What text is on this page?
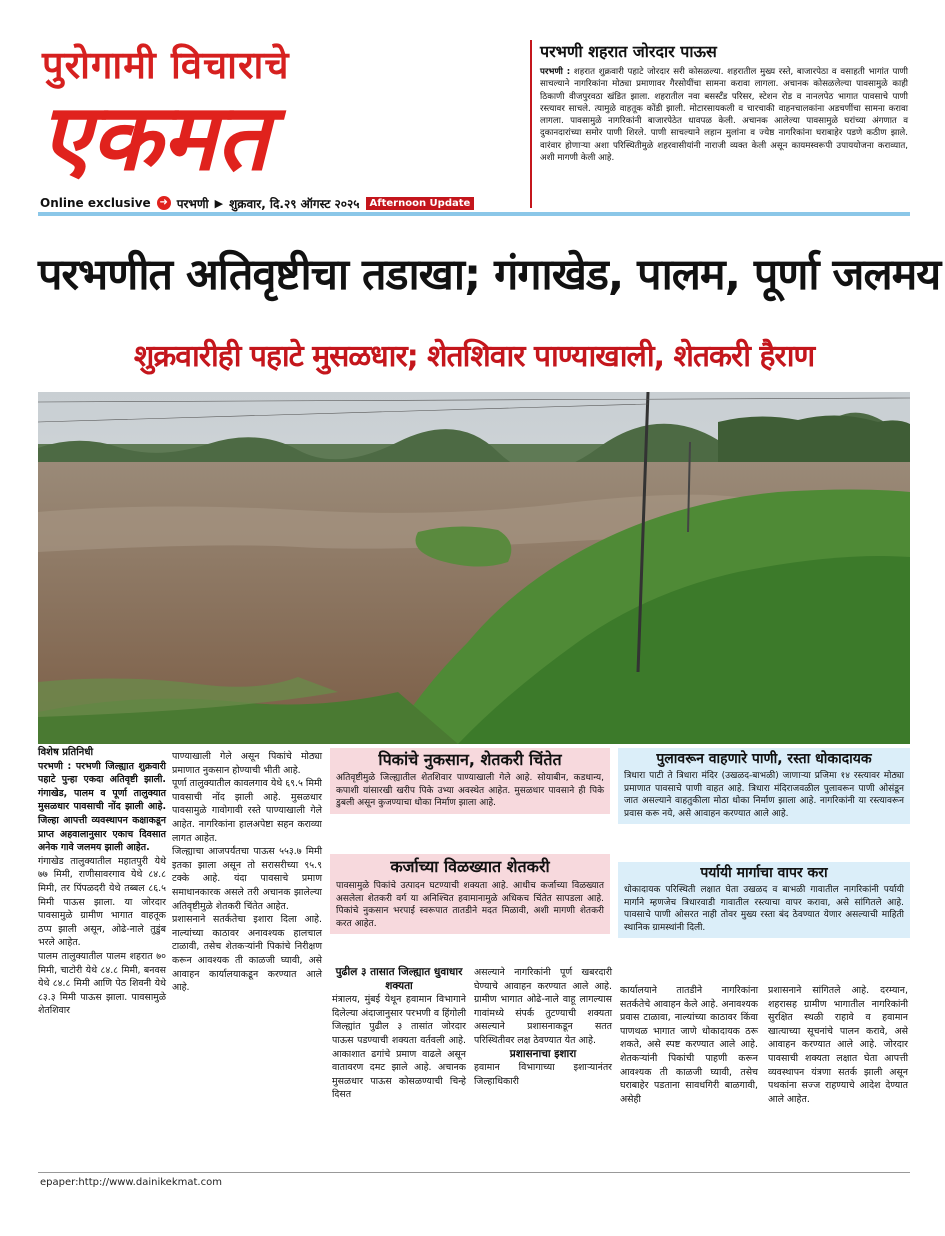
पुरोगामी विचाराचे
एकमत
Online exclusive ➜ परभणी ▶ शुक्रवार, दि.२९ ऑगस्ट २०२५	Afternoon Update
परभणी शहरात जोरदार पाऊस

परभणी : शहरात शुक्रवारी पहाटे जोरदार सरी कोसळल्या. शहरातील मुख्य रस्ते, बाजारपेठा व वसाहती भागांत पाणी साचल्याने नागरिकांना मोठ्या प्रमाणावर गैरसोयींचा सामना करावा लागला. अचानक कोसळलेल्या पावसामुळे काही ठिकाणी वीजपुरवठा खंडित झाला. शहरातील नवा बसस्टँड परिसर, स्टेशन रोड व नानलपेठ भागात पावसाचे पाणी रस्त्यावर साचले. त्यामुळे वाहतूक कोंडी झाली. मोटारसायकली व चारचाकी वाहनचालकांना अडचणींचा सामना करावा लागला. पावसामुळे नागरिकांनी बाजारपेठेत धावपळ केली. अचानक आलेल्या पावसामुळे घरांच्या अंगणात व दुकानदारांच्या समोर पाणी शिरले. पाणी साचल्याने लहान मुलांना व ज्येष्ठ नागरिकांना घराबाहेर पडणे कठीण झाले. वारंवार होणाऱ्या अशा परिस्थितीमुळे शहरवासीयांनी नाराजी व्यक्त केली असून कायमस्वरूपी उपाययोजना कराव्यात, अशी मागणी केली आहे.

परभणीत अतिवृष्टीचा तडाखा; गंगाखेड, पालम, पूर्णा जलमय
शुक्रवारीही पहाटे मुसळधार; शेतशिवार पाण्याखाली, शेतकरी हैराण

विशेष प्रतिनिधी

परभणी : परभणी जिल्ह्यात शुक्रवारी पहाटे पुन्हा एकदा अतिवृष्टी झाली. गंगाखेड, पालम व पूर्णा तालुक्यात मुसळधार पावसाची नोंद झाली आहे. जिल्हा आपत्ती व्यवस्थापन कक्षाकडून प्राप्त अहवालानुसार एकाच दिवसात अनेक गावे जलमय झाली आहेत.

गंगाखेड तालुक्यातील महातपुरी येथे ७७ मिमी, राणीसावरगाव येथे ८४.८ मिमी, तर पिंपळदरी येथे तब्बल ८६.५ मिमी पाऊस झाला. या जोरदार पावसामुळे ग्रामीण भागात वाहतूक ठप्प झाली असून, ओढे-नाले तुडुंब भरले आहेत.

पालम तालुक्यातील पालम शहरात ७० मिमी, चाटोरी येथे ८४.८ मिमी, बनवस येथे ८४.८ मिमी आणि पेठ शिवनी येथे ८३.३ मिमी पाऊस झाला. पावसामुळे शेतशिवार

पाण्याखाली गेले असून पिकांचे मोठ्या प्रमाणात नुकसान होण्याची भीती आहे.

पूर्णा तालुक्यातील कावलगाव येथे ६९.५ मिमी पावसाची नोंद झाली आहे. मुसळधार पावसामुळे गावोगावी रस्ते पाण्याखाली गेले आहेत. नागरिकांना हालअपेष्टा सहन कराव्या लागत आहेत.

जिल्ह्याचा आजपर्यंतचा पाऊस ५५३.७ मिमी इतका झाला असून तो सरासरीच्या ९५.९ टक्के आहे. यंदा पावसाचे प्रमाण समाधानकारक असले तरी अचानक झालेल्या अतिवृष्टीमुळे शेतकरी चिंतेत आहेत.

प्रशासनाने सतर्कतेचा इशारा दिला आहे. नाल्यांच्या काठावर अनावश्यक हालचाल टाळावी, तसेच शेतकऱ्यांनी पिकांचे निरीक्षण करून आवश्यक ती काळजी घ्यावी, असे आवाहन कार्यालयाकडून करण्यात आले आहे.

पिकांचे नुकसान, शेतकरी चिंतेत

अतिवृष्टीमुळे जिल्ह्यातील शेतशिवार पाण्याखाली गेले आहे. सोयाबीन, कडधान्य, कपाशी यांसारखी खरीप पिके उभ्या अवस्थेत आहेत. मुसळधार पावसाने ही पिके डुबली असून कुजण्याचा धोका निर्माण झाला आहे.

कर्जाच्या विळख्यात शेतकरी

पावसामुळे पिकांचे उत्पादन घटण्याची शक्यता आहे. आधीच कर्जाच्या विळख्यात असलेला शेतकरी वर्ग या अनिश्चित हवामानामुळे अधिकच चिंतेत सापडला आहे. पिकांचे नुकसान भरपाई स्वरूपात तातडीने मदत मिळावी, अशी मागणी शेतकरी करत आहेत.

पुलावरून वाहणारे पाणी, रस्ता धोकादायक

त्रिधारा पाटी ते त्रिधारा मंदिर (उखळद-बाभळी) जाणाऱ्या प्रजिमा १४ रस्त्यावर मोठ्या प्रमाणात पावसाचे पाणी वाहत आहे. त्रिधारा मंदिराजवळील पुलावरून पाणी ओसंडून जात असल्याने वाहतुकीला मोठा धोका निर्माण झाला आहे. नागरिकांनी या रस्त्यावरून प्रवास करू नये, असे आवाहन करण्यात आले आहे.

पर्यायी मार्गाचा वापर करा

धोकादायक परिस्थिती लक्षात घेता उखळद व बाभळी गावातील नागरिकांनी पर्यायी मार्गाने म्हणजेच त्रिधारवाडी गावातील रस्त्याचा वापर करावा, असे सांगितले आहे. पावसाचे पाणी ओसरत नाही तोवर मुख्य रस्ता बंद ठेवण्यात येणार असल्याची माहिती स्थानिक ग्रामस्थांनी दिली.

पुढील ३ तासात जिल्ह्यात धुवाधार शक्यता

मंत्रालय, मुंबई येथून हवामान विभागाने दिलेल्या अंदाजानुसार परभणी व हिंगोली जिल्ह्यांत पुढील ३ तासांत जोरदार पाऊस पडण्याची शक्यता वर्तवली आहे. आकाशात ढगांचे प्रमाण वाढले असून वातावरण दमट झाले आहे. अचानक मुसळधार पाऊस कोसळण्याची चिन्हे दिसत

असल्याने नागरिकांनी पूर्ण खबरदारी घेण्याचे आवाहन करण्यात आले आहे. ग्रामीण भागात ओढे-नाले वाहू लागल्यास गावांमध्ये संपर्क तुटण्याची शक्यता असल्याने प्रशासनाकडून सतत परिस्थितीवर लक्ष ठेवण्यात येत आहे.

प्रशासनाचा इशारा

हवामान विभागाच्या इशाऱ्यानंतर जिल्हाधिकारी

कार्यालयाने तातडीने नागरिकांना सतर्कतेचे आवाहन केले आहे. अनावश्यक प्रवास टाळावा, नाल्यांच्या काठावर किंवा पाणथळ भागात जाणे धोकादायक ठरू शकते, असे स्पष्ट करण्यात आले आहे. शेतकऱ्यांनी पिकांची पाहणी करून आवश्यक ती काळजी घ्यावी, तसेच घराबाहेर पडताना सावधगिरी बाळगावी, असेही

प्रशासनाने सांगितले आहे. दरम्यान, शहरासह ग्रामीण भागातील नागरिकांनी सुरक्षित स्थळी राहावे व हवामान खात्याच्या सूचनांचे पालन करावे, असे आवाहन करण्यात आले आहे. जोरदार पावसाची शक्यता लक्षात घेता आपत्ती व्यवस्थापन यंत्रणा सतर्क झाली असून पथकांना सज्ज राहण्याचे आदेश देण्यात आले आहेत.

epaper:http://www.dainikekmat.com
